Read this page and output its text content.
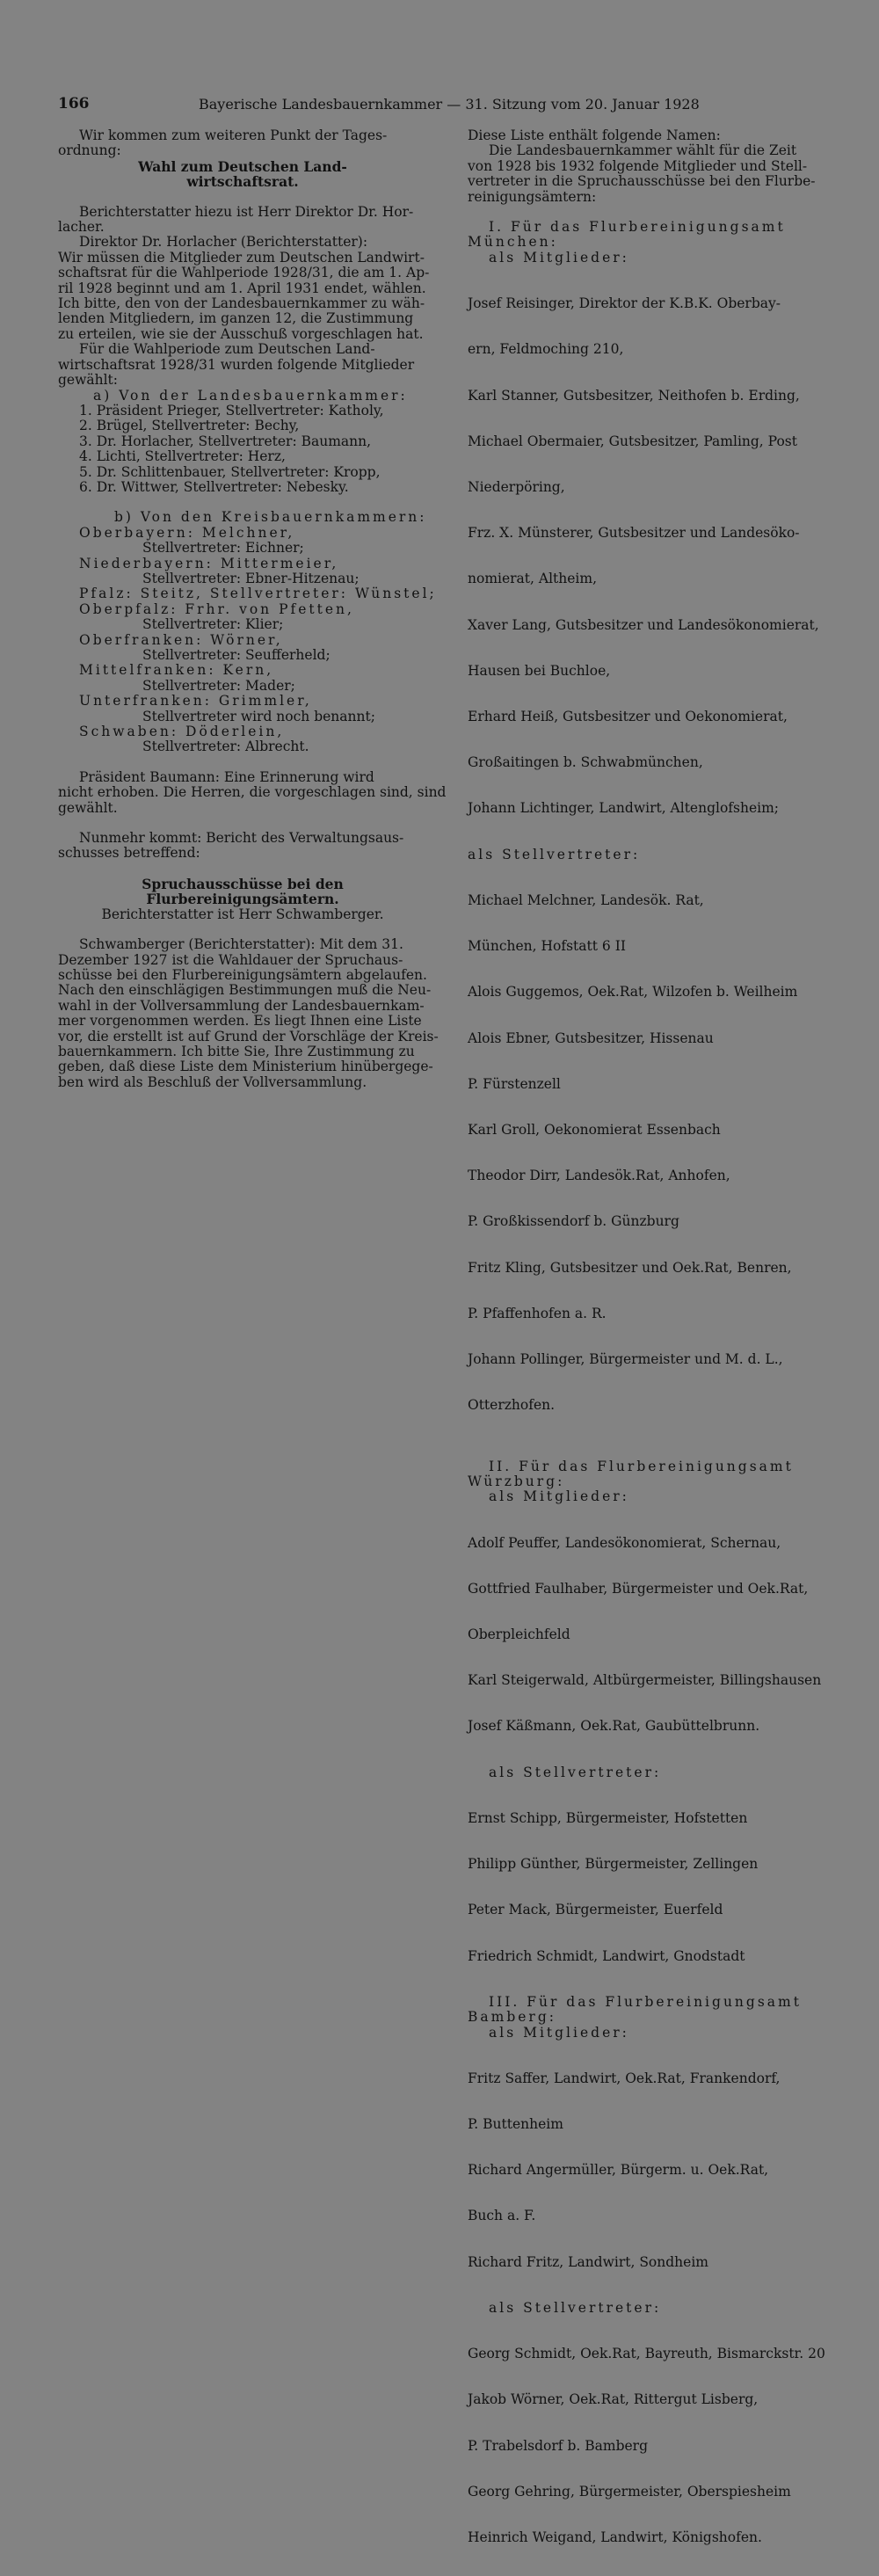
166	Bayerische Landesbauernkammer — 31. Sitzung vom 20. Januar 1928

Wir kommen zum weiteren Punkt der Tages-
ordnung:

Wahl zum Deutschen Land-
wirtschaftsrat.

Berichterstatter hiezu ist Herr Direktor Dr. Hor-
lacher.

Direktor Dr. Horlacher (Berichterstatter):
Wir müssen die Mitglieder zum Deutschen Landwirt-
schaftsrat für die Wahlperiode 1928/31, die am 1. Ap-
ril 1928 beginnt und am 1. April 1931 endet, wählen.
Ich bitte, den von der Landesbauernkammer zu wäh-
lenden Mitgliedern, im ganzen 12, die Zustimmung
zu erteilen, wie sie der Ausschuß vorgeschlagen hat.

Für die Wahlperiode zum Deutschen Land-
wirtschaftsrat 1928/31 wurden folgende Mitglieder
gewählt:

a) Von der Landesbauernkammer:
1. Präsident Prieger, Stellvertreter: Katholy,
2. Brügel, Stellvertreter: Bechy,
3. Dr. Horlacher, Stellvertreter: Baumann,
4. Lichti, Stellvertreter: Herz,
5. Dr. Schlittenbauer, Stellvertreter: Kropp,
6. Dr. Wittwer, Stellvertreter: Nebesky.
b) Von den Kreisbauernkammern:
Oberbayern: Melchner,
Stellvertreter: Eichner;
Niederbayern: Mittermeier,
Stellvertreter: Ebner-Hitzenau;
Pfalz: Steitz, Stellvertreter: Wünstel;
Oberpfalz: Frhr. von Pfetten,
Stellvertreter: Klier;
Oberfranken: Wörner,
Stellvertreter: Seufferheld;
Mittelfranken: Kern,
Stellvertreter: Mader;
Unterfranken: Grimmler,
Stellvertreter wird noch benannt;
Schwaben: Döderlein,
Stellvertreter: Albrecht.

Präsident Baumann: Eine Erinnerung wird
nicht erhoben. Die Herren, die vorgeschlagen sind, sind
gewählt.

Nunmehr kommt: Bericht des Verwaltungsaus-
schusses betreffend:

Spruchausschüsse bei den Flurbereinigungsämtern.
Berichterstatter ist Herr Schwamberger.

Schwamberger (Berichterstatter): Mit dem 31.
Dezember 1927 ist die Wahldauer der Spruchaus-
schüsse bei den Flurbereinigungsämtern abgelaufen.
Nach den einschlägigen Bestimmungen muß die Neu-
wahl in der Vollversammlung der Landesbauernkam-
mer vorgenommen werden. Es liegt Ihnen eine Liste
vor, die erstellt ist auf Grund der Vorschläge der Kreis-
bauernkammern. Ich bitte Sie, Ihre Zustimmung zu
geben, daß diese Liste dem Ministerium hinübergege-
ben wird als Beschluß der Vollversammlung.

Diese Liste enthält folgende Namen:

Die Landesbauernkammer wählt für die Zeit
von 1928 bis 1932 folgende Mitglieder und Stell-
vertreter in die Spruchausschüsse bei den Flurbe-
reinigungsämtern:

I. Für das Flurbereinigungsamt
München:
als Mitglieder:

Josef Reisinger, Direktor der K.B.K. Oberbay-

ern, Feldmoching 210,

Karl Stanner, Gutsbesitzer, Neithofen b. Erding,

Michael Obermaier, Gutsbesitzer, Pamling, Post

Niederpöring,

Frz. X. Münsterer, Gutsbesitzer und Landesöko-

nomierat, Altheim,

Xaver Lang, Gutsbesitzer und Landesökonomierat,

Hausen bei Buchloe,

Erhard Heiß, Gutsbesitzer und Oekonomierat,

Großaitingen b. Schwabmünchen,

Johann Lichtinger, Landwirt, Altenglofsheim;

als Stellvertreter:

Michael Melchner, Landesök. Rat,

München, Hofstatt 6 II

Alois Guggemos, Oek.Rat, Wilzofen b. Weilheim

Alois Ebner, Gutsbesitzer, Hissenau

P. Fürstenzell

Karl Groll, Oekonomierat Essenbach

Theodor Dirr, Landesök.Rat, Anhofen,

P. Großkissendorf b. Günzburg

Fritz Kling, Gutsbesitzer und Oek.Rat, Benren,

P. Pfaffenhofen a. R.

Johann Pollinger, Bürgermeister und M. d. L.,

Otterzhofen.

II. Für das Flurbereinigungsamt
Würzburg:
als Mitglieder:

Adolf Peuffer, Landesökonomierat, Schernau,

Gottfried Faulhaber, Bürgermeister und Oek.Rat,

Oberpleichfeld

Karl Steigerwald, Altbürgermeister, Billingshausen

Josef Käßmann, Oek.Rat, Gaubüttelbrunn.

als Stellvertreter:

Ernst Schipp, Bürgermeister, Hofstetten

Philipp Günther, Bürgermeister, Zellingen

Peter Mack, Bürgermeister, Euerfeld

Friedrich Schmidt, Landwirt, Gnodstadt

III. Für das Flurbereinigungsamt
Bamberg:
als Mitglieder:

Fritz Saffer, Landwirt, Oek.Rat, Frankendorf,

P. Buttenheim

Richard Angermüller, Bürgerm. u. Oek.Rat,

Buch a. F.

Richard Fritz, Landwirt, Sondheim

als Stellvertreter:

Georg Schmidt, Oek.Rat, Bayreuth, Bismarckstr. 20

Jakob Wörner, Oek.Rat, Rittergut Lisberg,

P. Trabelsdorf b. Bamberg

Georg Gehring, Bürgermeister, Oberspiesheim

Heinrich Weigand, Landwirt, Königshofen.
